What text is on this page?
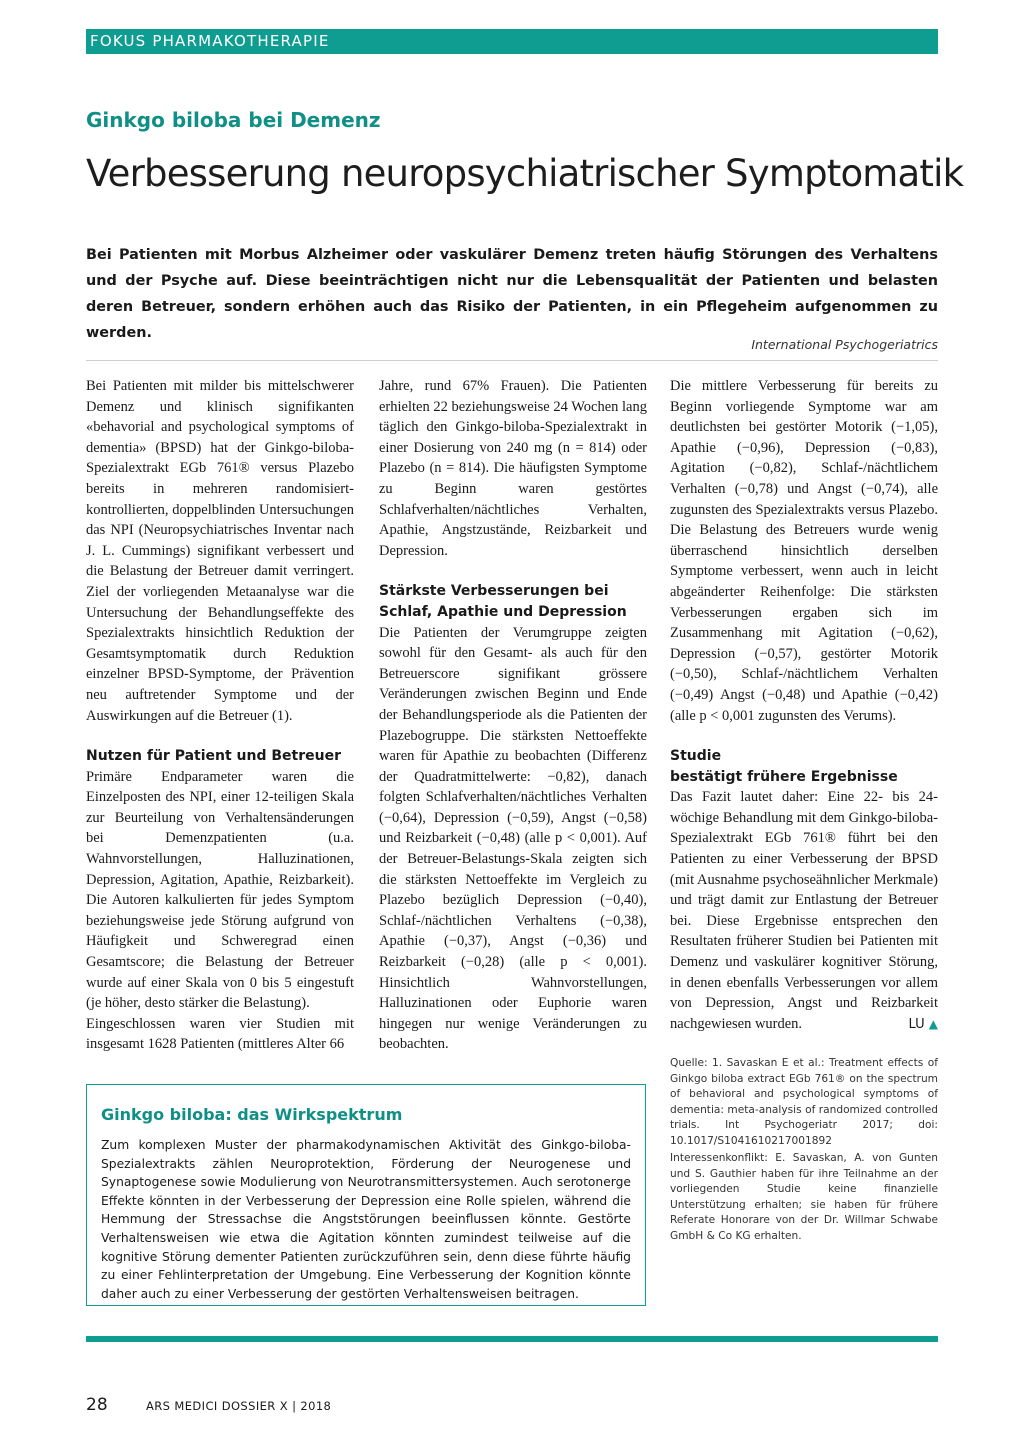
FOKUS PHARMAKOTHERAPIE
Ginkgo biloba bei Demenz
Verbesserung neuropsychiatrischer Symptomatik
Bei Patienten mit Morbus Alzheimer oder vaskulärer Demenz treten häufig Störungen des Verhaltens und der Psyche auf. Diese beeinträchtigen nicht nur die Lebensqualität der Patienten und belasten deren Betreuer, sondern erhöhen auch das Risiko der Patienten, in ein Pflegeheim aufgenommen zu werden.
International Psychogeriatrics

Bei Patienten mit milder bis mittelschwerer Demenz und klinisch signifikanten «behavorial and psychological symptoms of dementia» (BPSD) hat der Ginkgo-biloba-Spezialextrakt EGb 761® versus Plazebo bereits in mehreren randomisiert-kontrollierten, doppelblinden Untersuchungen das NPI (Neuropsychiatrisches Inventar nach J. L. Cummings) signifikant verbessert und die Belastung der Betreuer damit verringert. Ziel der vorliegenden Metaanalyse war die Untersuchung der Behandlungseffekte des Spezialextrakts hinsichtlich Reduktion der Gesamtsymptomatik durch Reduktion einzelner BPSD-Symptome, der Prävention neu auftretender Symptome und der Auswirkungen auf die Betreuer (1).

Nutzen für Patient und Betreuer

Primäre Endparameter waren die Einzelposten des NPI, einer 12-teiligen Skala zur Beurteilung von Verhaltensänderungen bei Demenzpatienten (u.a. Wahnvorstellungen, Halluzinationen, Depression, Agitation, Apathie, Reizbarkeit). Die Autoren kalkulierten für jedes Symptom beziehungsweise jede Störung aufgrund von Häufigkeit und Schweregrad einen Gesamtscore; die Belastung der Betreuer wurde auf einer Skala von 0 bis 5 eingestuft (je höher, desto stärker die Belastung).

Eingeschlossen waren vier Studien mit insgesamt 1628 Patienten (mittleres Alter 66

Jahre, rund 67% Frauen). Die Patienten erhielten 22 beziehungsweise 24 Wochen lang täglich den Ginkgo-biloba-Spezialextrakt in einer Dosierung von 240 mg (n = 814) oder Plazebo (n = 814). Die häufigsten Symptome zu Beginn waren gestörtes Schlafverhalten/nächtliches Verhalten, Apathie, Angstzustände, Reizbarkeit und Depression.

Stärkste Verbesserungen bei Schlaf, Apathie und Depression

Die Patienten der Verumgruppe zeigten sowohl für den Gesamt- als auch für den Betreuerscore signifikant grössere Veränderungen zwischen Beginn und Ende der Behandlungsperiode als die Patienten der Plazebogruppe. Die stärksten Nettoeffekte waren für Apathie zu beobachten (Differenz der Quadratmittelwerte: −0,82), danach folgten Schlafverhalten/nächtliches Verhalten (−0,64), Depression (−0,59), Angst (−0,58) und Reizbarkeit (−0,48) (alle p < 0,001). Auf der Betreuer-Belastungs-Skala zeigten sich die stärksten Nettoeffekte im Vergleich zu Plazebo bezüglich Depression (−0,40), Schlaf-/nächtlichen Verhaltens (−0,38), Apathie (−0,37), Angst (−0,36) und Reizbarkeit (−0,28) (alle p < 0,001). Hinsichtlich Wahnvorstellungen, Halluzinationen oder Euphorie waren hingegen nur wenige Veränderungen zu beobachten.

Die mittlere Verbesserung für bereits zu Beginn vorliegende Symptome war am deutlichsten bei gestörter Motorik (−1,05), Apathie (−0,96), Depression (−0,83), Agitation (−0,82), Schlaf-/nächtlichem Verhalten (−0,78) und Angst (−0,74), alle zugunsten des Spezialextrakts versus Plazebo. Die Belastung des Betreuers wurde wenig überraschend hinsichtlich derselben Symptome verbessert, wenn auch in leicht abgeänderter Reihenfolge: Die stärksten Verbesserungen ergaben sich im Zusammenhang mit Agitation (−0,62), Depression (−0,57), gestörter Motorik (−0,50), Schlaf-/nächtlichem Verhalten (−0,49) Angst (−0,48) und Apathie (−0,42) (alle p < 0,001 zugunsten des Verums).

Studie
bestätigt frühere Ergebnisse

Das Fazit lautet daher: Eine 22- bis 24-wöchige Behandlung mit dem Ginkgo-biloba-Spezialextrakt EGb 761® führt bei den Patienten zu einer Verbesserung der BPSD (mit Ausnahme psychoseähnlicher Merkmale) und trägt damit zur Entlastung der Betreuer bei. Diese Ergebnisse entsprechen den Resultaten früherer Studien bei Patienten mit Demenz und vaskulärer kognitiver Störung, in denen ebenfalls Verbesserungen vor allem von Depression, Angst und Reizbarkeit nachgewiesen wurden.	LU ▲

Quelle: 1. Savaskan E et al.: Treatment effects of Ginkgo biloba extract EGb 761® on the spectrum of behavioral and psychological symptoms of dementia: meta-analysis of randomized controlled trials. Int Psychogeriatr 2017; doi: 10.1017/S1041610217001892

Interessenkonflikt: E. Savaskan, A. von Gunten und S. Gauthier haben für ihre Teilnahme an der vorliegenden Studie keine finanzielle Unterstützung erhalten; sie haben für frühere Referate Honorare von der Dr. Willmar Schwabe GmbH & Co KG erhalten.

Ginkgo biloba: das Wirkspektrum

Zum komplexen Muster der pharmakodynamischen Aktivität des Ginkgo-biloba-Spezialextrakts zählen Neuroprotektion, Förderung der Neurogenese und Synaptogenese sowie Modulierung von Neurotransmittersystemen. Auch serotonerge Effekte könnten in der Verbesserung der Depression eine Rolle spielen, während die Hemmung der Stressachse die Angststörungen beeinflussen könnte. Gestörte Verhaltensweisen wie etwa die Agitation könnten zumindest teilweise auf die kognitive Störung dementer Patienten zurückzuführen sein, denn diese führte häufig zu einer Fehlinterpretation der Umgebung. Eine Verbesserung der Kognition könnte daher auch zu einer Verbesserung der gestörten Verhaltensweisen beitragen.

28	ARS MEDICI DOSSIER X | 2018
